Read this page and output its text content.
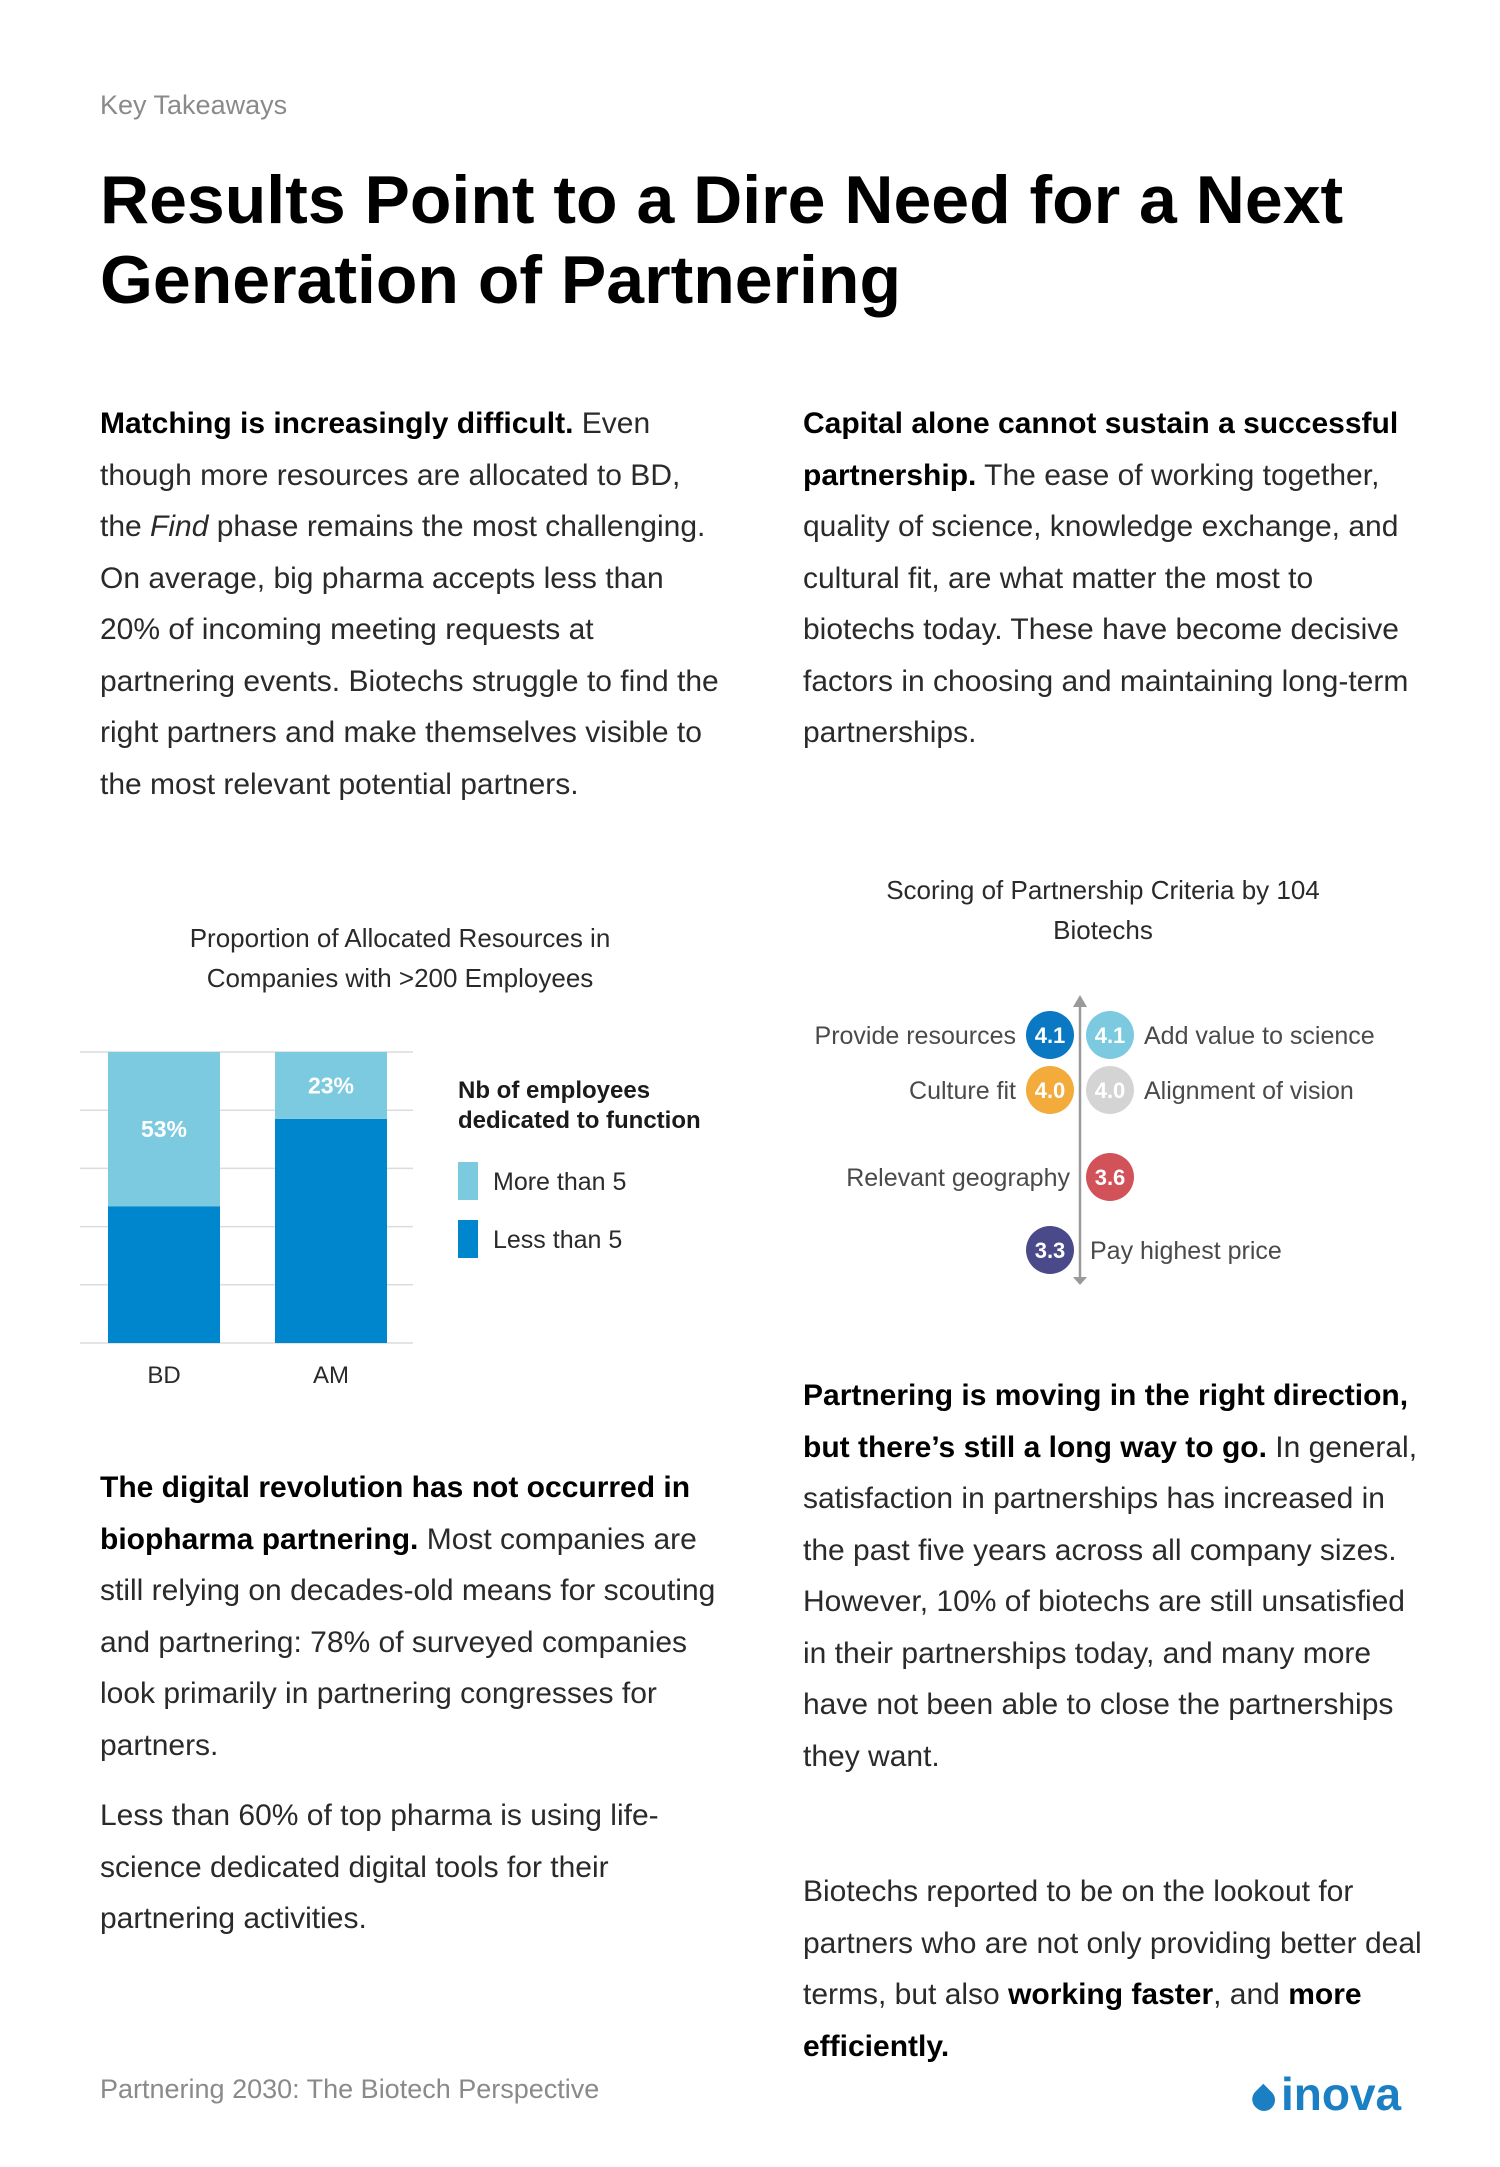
Key Takeaways
Results Point to a Dire Need for a Next Generation of Partnering

Matching is increasingly difficult. Even though more resources are allocated to BD, the Find phase remains the most challenging. On average, big pharma accepts less than 20% of incoming meeting requests at partnering events. Biotechs struggle to find the right partners and make themselves visible to the most relevant potential partners.

Capital alone cannot sustain a successful partnership. The ease of working together, quality of science, knowledge exchange, and cultural fit, are what matter the most to biotechs today. These have become decisive factors in choosing and maintaining long-term partnerships.

Proportion of Allocated Resources in Companies with >200 Employees
53%
BD
23%
AM
Nb of employees
dedicated to function
More than 5
Less than 5
Scoring of Partnership Criteria by 104 Biotechs
4.1
Provide resources
4.0
Culture fit
3.6
Relevant geography
3.3 Pay highest price
4.1 Add value to science
4.0 Alignment of vision

The digital revolution has not occurred in biopharma partnering. Most companies are still relying on decades-old means for scouting and partnering: 78% of surveyed companies look primarily in partnering congresses for partners.

Less than 60% of top pharma is using life-science dedicated digital tools for their partnering activities.

Partnering is moving in the right direction, but there’s still a long way to go. In general, satisfaction in partnerships has increased in the past five years across all company sizes.
However, 10% of biotechs are still unsatisfied in their partnerships today, and many more have not been able to close the partnerships they want.

Biotechs reported to be on the lookout for partners who are not only providing better deal terms, but also working faster, and more efficiently.

Partnering 2030: The Biotech Perspective	inova
